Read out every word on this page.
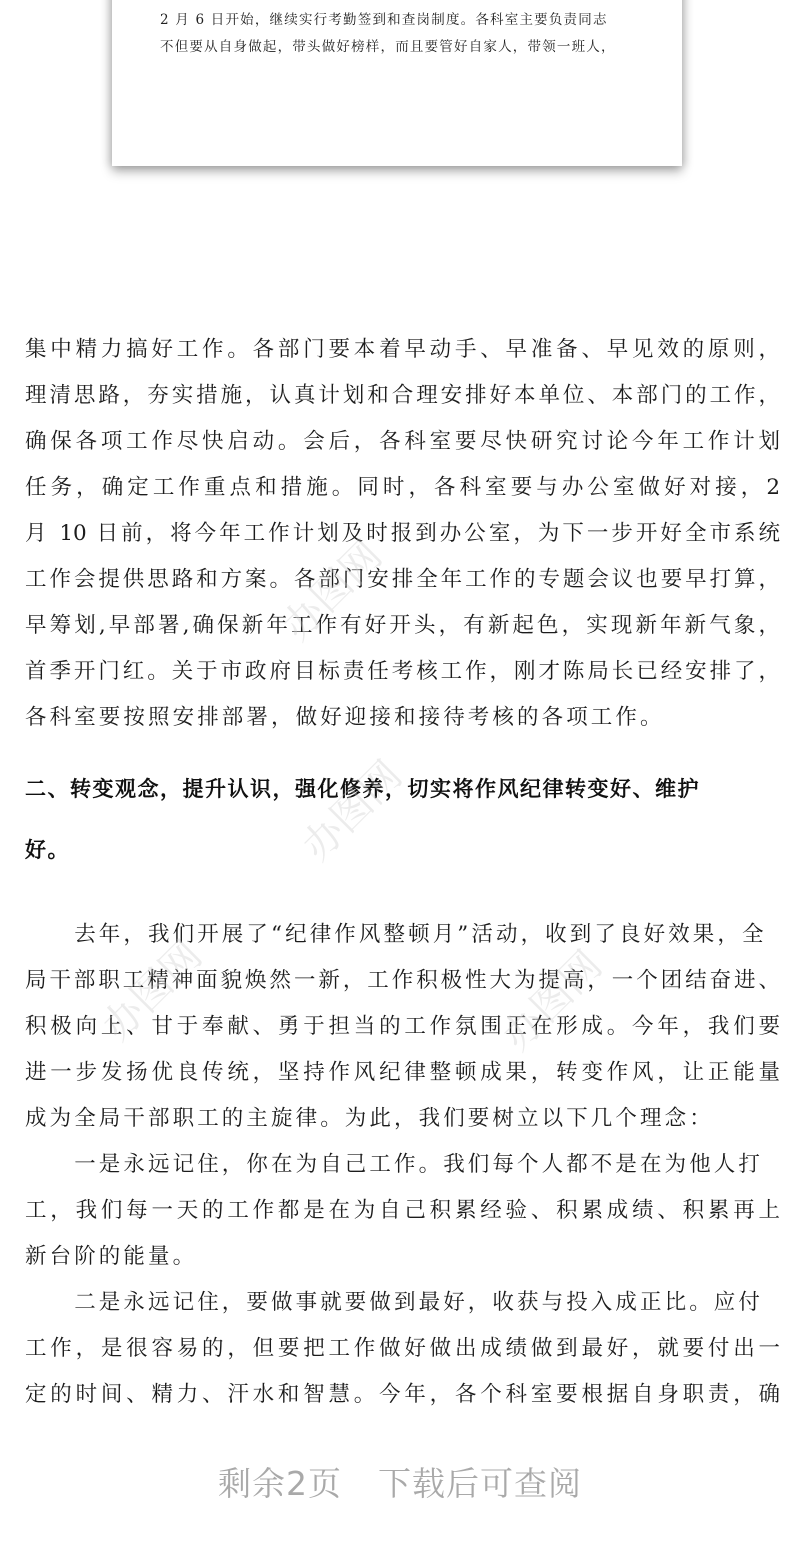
2 月 6 日开始，继续实行考勤签到和查岗制度。各科室主要负责同志
不但要从自身做起，带头做好榜样，而且要管好自家人，带领一班人，
集中精力搞好工作。各部门要本着早动手、早准备、早见效的原则，
理清思路，夯实措施，认真计划和合理安排好本单位、本部门的工作，
确保各项工作尽快启动。会后，各科室要尽快研究讨论今年工作计划
任务，确定工作重点和措施。同时，各科室要与办公室做好对接，2
月 10 日前，将今年工作计划及时报到办公室，为下一步开好全市系统
工作会提供思路和方案。各部门安排全年工作的专题会议也要早打算，
早筹划,早部署,确保新年工作有好开头，有新起色，实现新年新气象，
首季开门红。关于市政府目标责任考核工作，刚才陈局长已经安排了，
各科室要按照安排部署，做好迎接和接待考核的各项工作。
二、转变观念，提升认识，强化修养，切实将作风纪律转变好、维护
好。
　　去年，我们开展了“纪律作风整顿月”活动，收到了良好效果，全
局干部职工精神面貌焕然一新，工作积极性大为提高，一个团结奋进、
积极向上、甘于奉献、勇于担当的工作氛围正在形成。今年，我们要
进一步发扬优良传统，坚持作风纪律整顿成果，转变作风，让正能量
成为全局干部职工的主旋律。为此，我们要树立以下几个理念：
　　一是永远记住，你在为自己工作。我们每个人都不是在为他人打
工，我们每一天的工作都是在为自己积累经验、积累成绩、积累再上
新台阶的能量。
　　二是永远记住，要做事就要做到最好，收获与投入成正比。应付
工作，是很容易的，但要把工作做好做出成绩做到最好，就要付出一
定的时间、精力、汗水和智慧。今年，各个科室要根据自身职责，确
办图网
办图网
办图网	办图网
剩余2页 下载后可查阅
